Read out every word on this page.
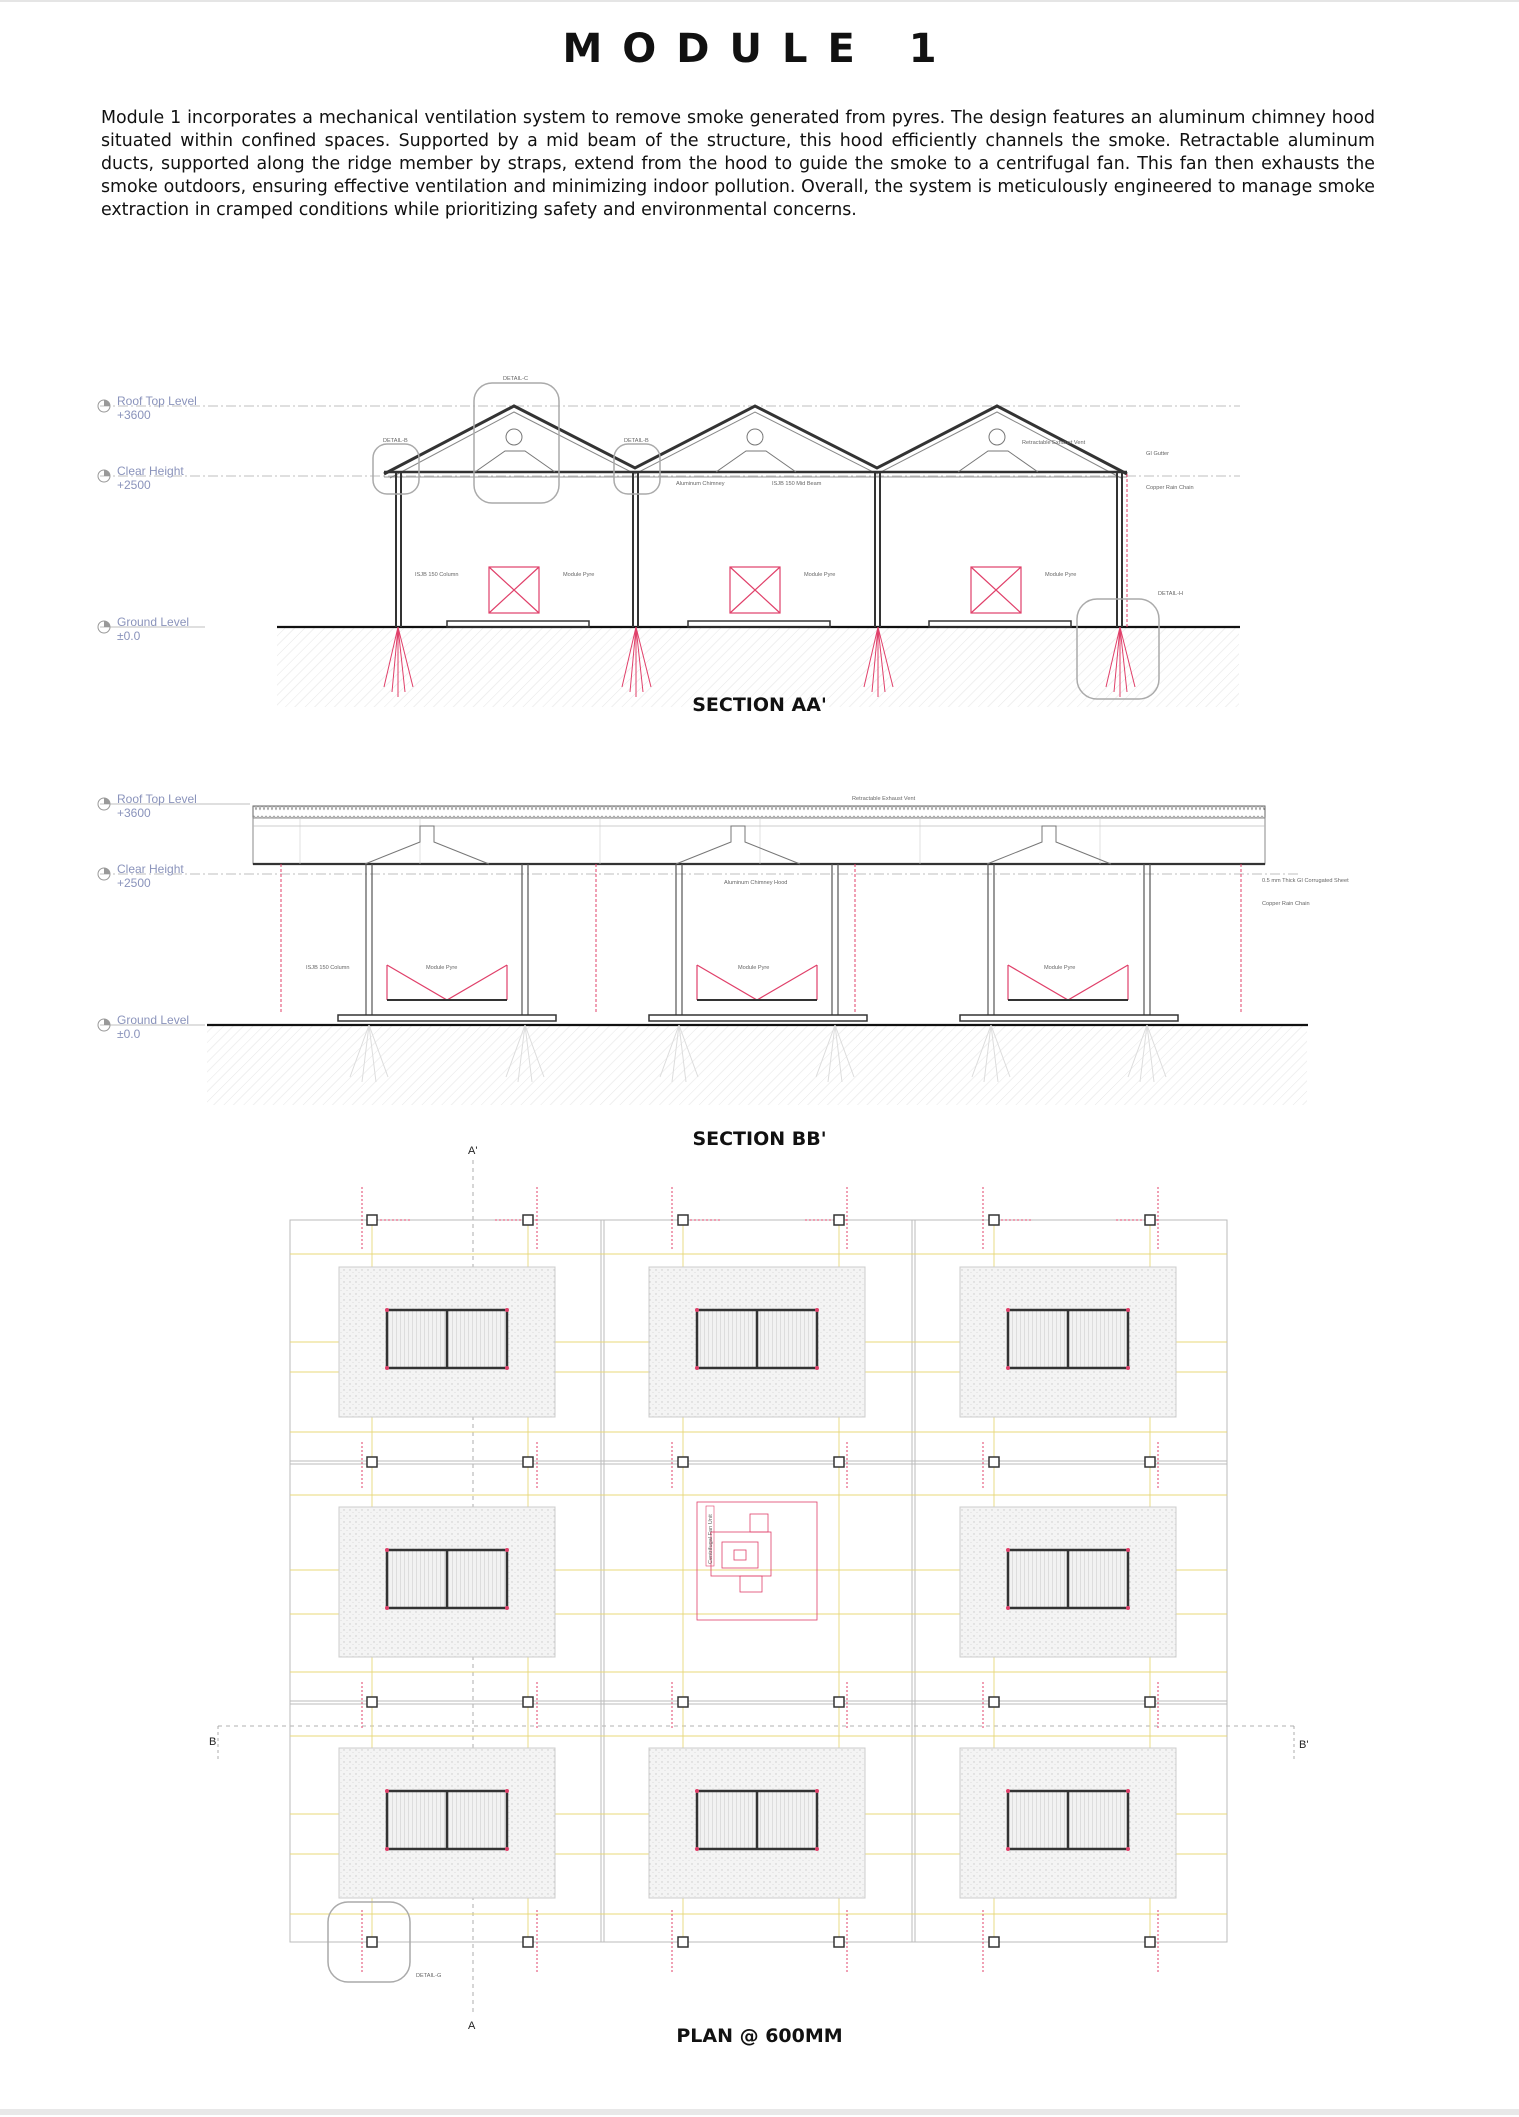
MODULE 1
Module 1 incorporates a mechanical ventilation system to remove smoke generated from pyres. The design features an aluminum chimney hood situated within confined spaces. Supported by a mid beam of the structure, this hood efficiently channels the smoke. Retractable aluminum ducts, supported along the ridge member by straps, extend from the hood to guide the smoke to a centrifugal fan. This fan then exhausts the smoke outdoors, ensuring effective ventilation and minimizing indoor pollution. Overall, the system is meticulously engineered to manage smoke extraction in cramped conditions while prioritizing safety and environmental concerns.
Roof Top Level
+3600
Clear Height
+2500
Ground Level
±0.0
DETAIL-C
DETAIL-B	DETAIL-B
DETAIL-H
Aluminum Chimney	ISJB 150 Mid Beam
Retractable Exhaust Vent
GI Gutter
Copper Rain Chain
ISJB 150 Column	Module Pyre	Module Pyre	Module Pyre
Roof Top Level
+3600
Clear Height
+2500
Ground Level
±0.0
Retractable Exhaust Vent
Aluminum Chimney Hood	0.5 mm Thick GI Corrugated Sheet
Copper Rain Chain
ISJB 150 Column	Module Pyre	Module Pyre	Module Pyre
A'
A
B	B'
Centrifugal Fan Unit
DETAIL-G
SECTION AA'
SECTION BB'
PLAN @ 600MM
